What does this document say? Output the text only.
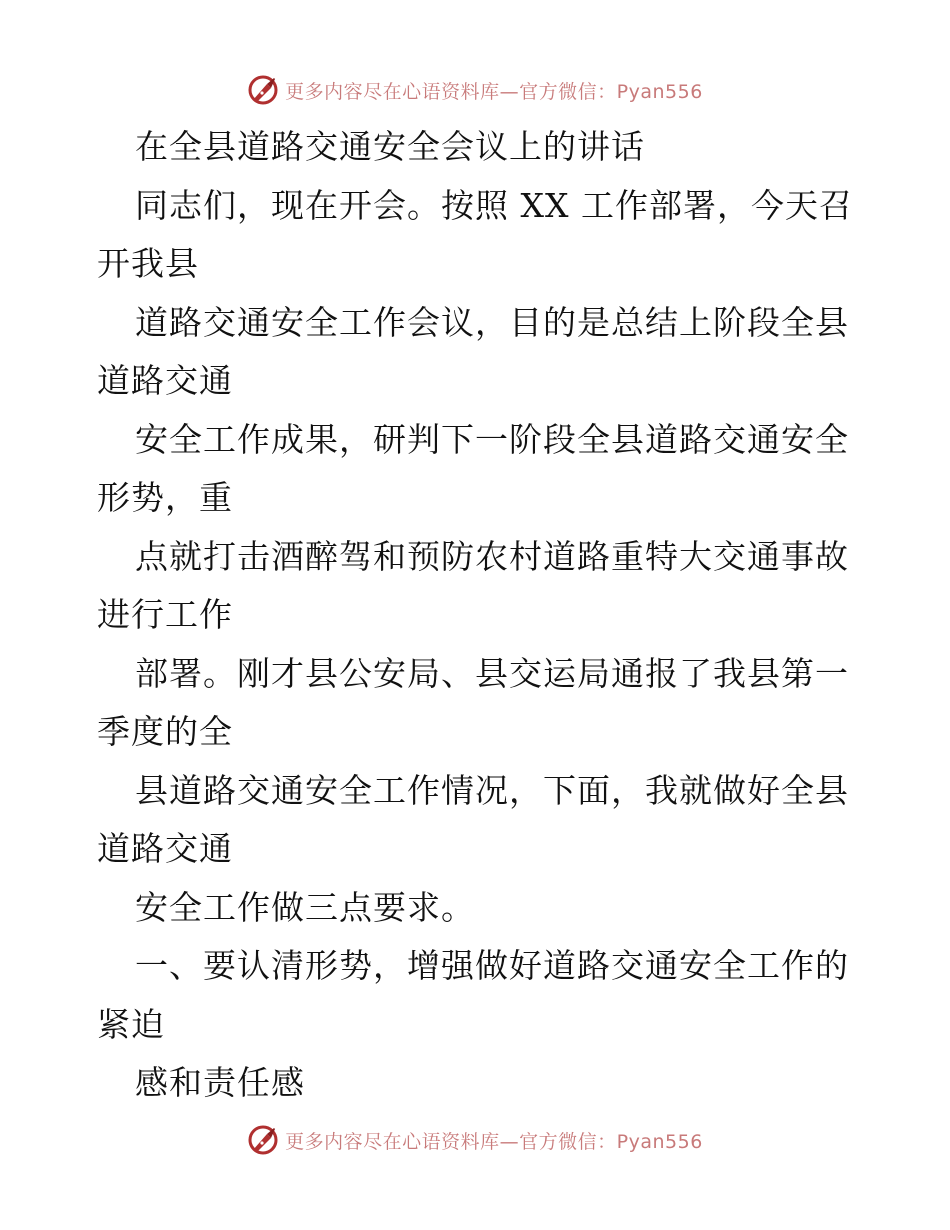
更多内容尽在心语资料库—官方微信：Pyan556

在全县道路交通安全会议上的讲话

同志们，现在开会。按照 XX 工作部署，今天召开我县

道路交通安全工作会议，目的是总结上阶段全县道路交通

安全工作成果，研判下一阶段全县道路交通安全形势，重

点就打击酒醉驾和预防农村道路重特大交通事故进行工作

部署。刚才县公安局、县交运局通报了我县第一季度的全

县道路交通安全工作情况，下面，我就做好全县道路交通

安全工作做三点要求。

一、要认清形势，增强做好道路交通安全工作的紧迫

感和责任感

更多内容尽在心语资料库—官方微信：Pyan556
